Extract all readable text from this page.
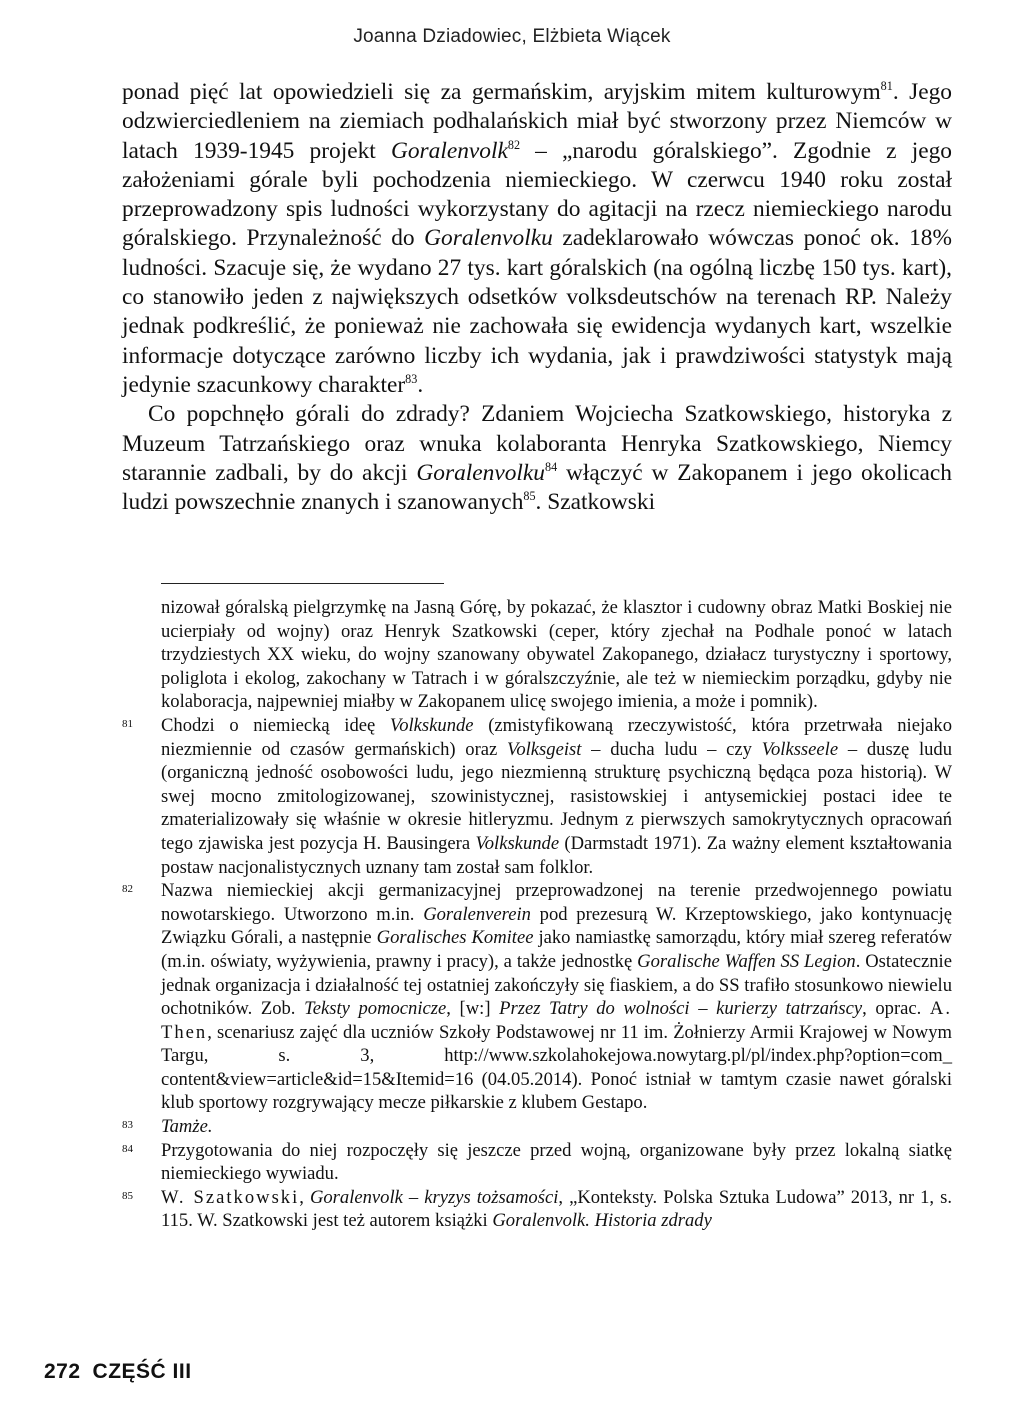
Joanna Dziadowiec, Elżbieta Wiącek

ponad pięć lat opowiedzieli się za germańskim, aryjskim mitem kulturowym$^{81}$. Jego odzwierciedleniem na ziemiach podhalańskich miał być stworzony przez Niemców w latach 1939-1945 projekt Goralenvolk$^{82}$ – „narodu góralskiego”. Zgodnie z jego założeniami górale byli pochodzenia niemieckiego. W czerwcu 1940 roku został przeprowadzony spis ludności wykorzystany do agitacji na rzecz niemieckiego narodu góralskiego. Przynależność do Goralenvolku zadeklarowało wówczas ponoć ok. 18% ludności. Szacuje się, że wydano 27 tys. kart góralskich (na ogólną liczbę 150 tys. kart), co stanowiło jeden z największych odsetków volksdeutschów na terenach RP. Należy jednak podkreślić, że ponieważ nie zachowała się ewidencja wydanych kart, wszelkie informacje dotyczące zarówno liczby ich wydania, jak i prawdziwości statystyk mają jedynie szacunkowy charakter$^{83}$.

Co popchnęło górali do zdrady? Zdaniem Wojciecha Szatkowskiego, historyka z Muzeum Tatrzańskiego oraz wnuka kolaboranta Henryka Szatkowskiego, Niemcy starannie zadbali, by do akcji Goralenvolku$^{84}$ włączyć w Zakopanem i jego okolicach ludzi powszechnie znanych i szanowanych$^{85}$. Szatkowski

nizował góralską pielgrzymkę na Jasną Górę, by pokazać, że klasztor i cudowny obraz Matki Boskiej nie ucierpiały od wojny) oraz Henryk Szatkowski (ceper, który zjechał na Podhale ponoć w latach trzydziestych XX wieku, do wojny szanowany obywatel Zakopanego, działacz turystyczny i sportowy, poliglota i ekolog, zakochany w Tatrach i w góralszczyźnie, ale też w niemieckim porządku, gdyby nie kolaboracja, najpewniej miałby w Zakopanem ulicę swojego imienia, a może i pomnik).

81 Chodzi o niemiecką ideę Volkskunde (zmistyfikowaną rzeczywistość, która przetrwała niejako niezmiennie od czasów germańskich) oraz Volksgeist – ducha ludu – czy Volksseele – duszę ludu (organiczną jedność osobowości ludu, jego niezmienną strukturę psychiczną będąca poza historią). W swej mocno zmitologizowanej, szowinistycznej, rasistowskiej i antysemickiej postaci idee te zmaterializowały się właśnie w okresie hitleryzmu. Jednym z pierwszych samokrytycznych opracowań tego zjawiska jest pozycja H. Bausingera Volkskunde (Darmstadt 1971). Za ważny element kształtowania postaw nacjonalistycznych uznany tam został sam folklor.

82 Nazwa niemieckiej akcji germanizacyjnej przeprowadzonej na terenie przedwojennego powiatu nowotarskiego. Utworzono m.in. Goralenverein pod prezesurą W. Krzeptowskiego, jako kontynuację Związku Górali, a następnie Goralisches Komitee jako namiastkę samorządu, który miał szereg referatów (m.in. oświaty, wyżywienia, prawny i pracy), a także jednostkę Goralische Waffen SS Legion. Ostatecznie jednak organizacja i działalność tej ostatniej zakończyły się fiaskiem, a do SS trafiło stosunkowo niewielu ochotników. Zob. Teksty pomocnicze, [w:] Przez Tatry do wolności – kurierzy tatrzańscy, oprac. A. Then, scenariusz zajęć dla uczniów Szkoły Podstawowej nr 11 im. Żołnierzy Armii Krajowej w Nowym Targu, s. 3, http://www.szkolahokejowa.nowytarg.pl/pl/index.php?option=com_ content&view=article&id=15&Itemid=16 (04.05.2014). Ponoć istniał w tamtym czasie nawet góralski klub sportowy rozgrywający mecze piłkarskie z klubem Gestapo.

83 Tamże.

84 Przygotowania do niej rozpoczęły się jeszcze przed wojną, organizowane były przez lokalną siatkę niemieckiego wywiadu.

85 W. Szatkowski, Goralenvolk – kryzys tożsamości, „Konteksty. Polska Sztuka Ludowa” 2013, nr 1, s. 115. W. Szatkowski jest też autorem książki Goralenvolk. Historia zdrady

272 CZĘŚĆ III
